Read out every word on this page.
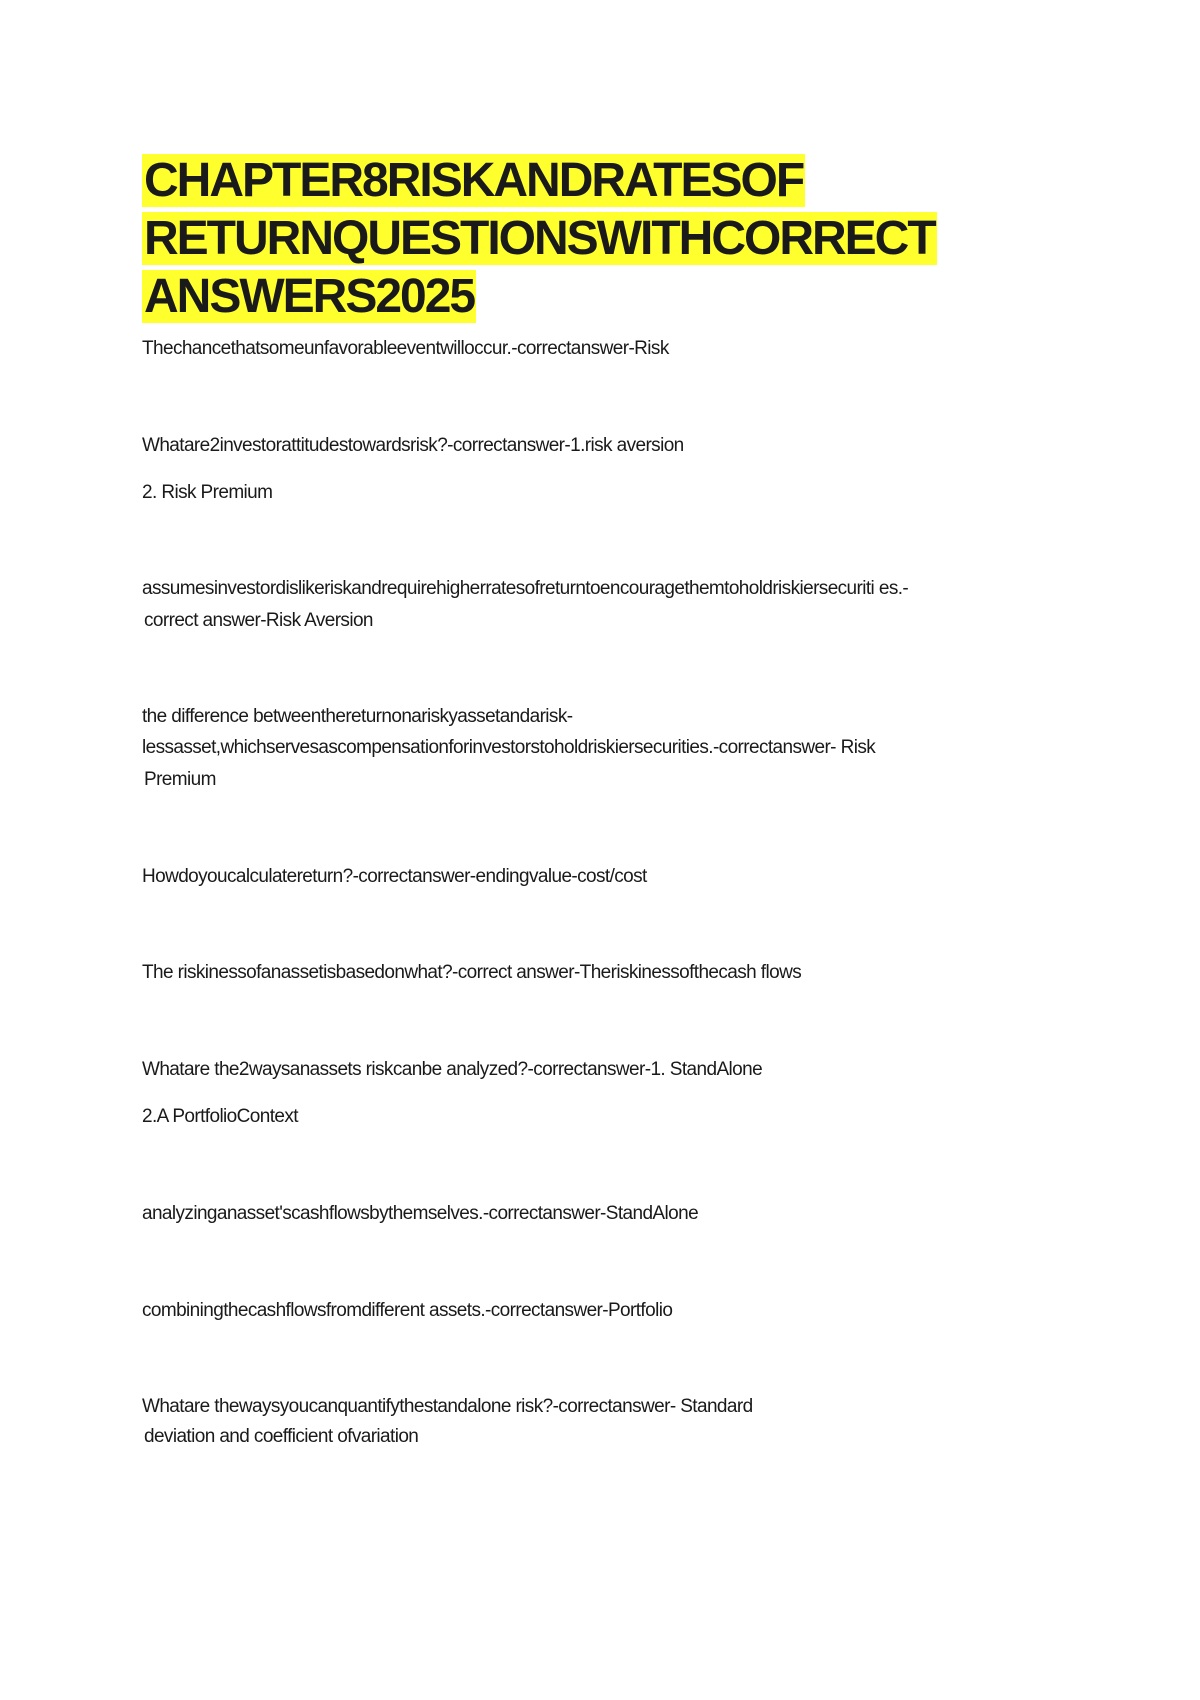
CHAPTER8RISKANDRATESOF RETURNQUESTIONSWITHCORRECT ANSWERS2025

Thechancethatsomeunfavorableeventwilloccur.-correctanswer-Risk

Whatare2investorattitudestowardsrisk?-correctanswer-1.risk aversion

2. Risk Premium

assumesinvestordislikeriskandrequirehigherratesofreturntoencouragethemtoholdriskiersecuriti es.-

correct answer-Risk Aversion

the difference betweenthereturnonariskyassetandarisk-

lessasset,whichservesascompensationforinvestorstoholdriskiersecurities.-correctanswer- Risk

Premium

Howdoyoucalculatereturn?-correctanswer-endingvalue-cost/cost

The riskinessofanassetisbasedonwhat?-correct answer-Theriskinessofthecash flows

Whatare the2waysanassets riskcanbe analyzed?-correctanswer-1. StandAlone

2.A PortfolioContext

analyzinganasset'scashflowsbythemselves.-correctanswer-StandAlone

combiningthecashflowsfromdifferent assets.-correctanswer-Portfolio

Whatare thewaysyoucanquantifythestandalone risk?-correctanswer- Standard

deviation and coefficient ofvariation
